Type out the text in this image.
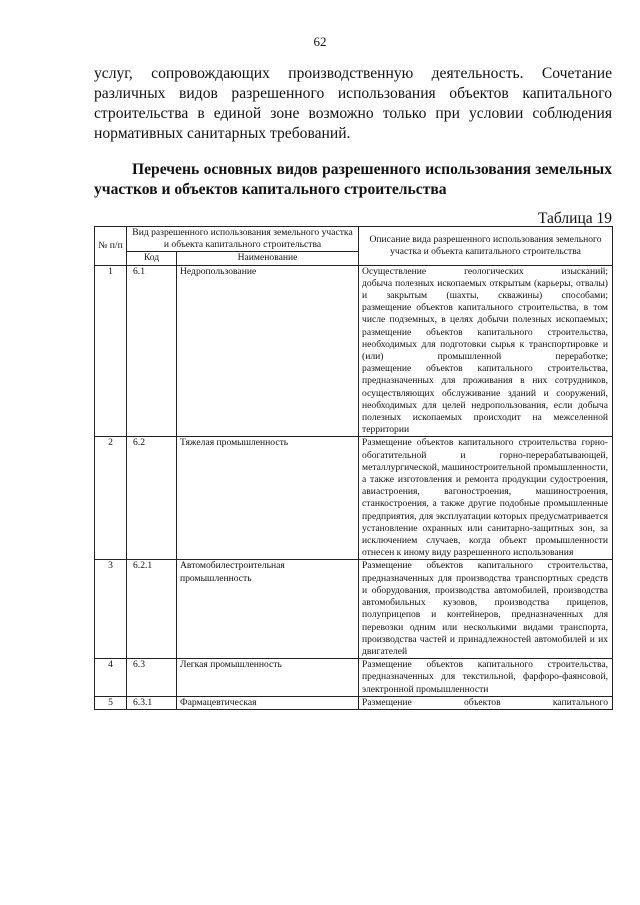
62

услуг, сопровождающих производственную деятельность. Сочетание различных видов разрешенного использования объектов капитального строительства в единой зоне возможно только при условии соблюдения нормативных санитарных требований.

Перечень основных видов разрешенного использования земельных
участков и объектов капитального строительства
Таблица 19
№ п/п	Вид разрешенного использования земельного участка и объекта капитального строительства		Описание вида разрешенного использования земельного участка и объекта капитального строительства
	Код	Наименование	
1	6.1	Недропользование	Осуществление геологических изысканий;
добыча полезных ископаемых открытым (карьеры, отвалы) и закрытым (шахты, скважины) способами;
размещение объектов капитального строительства, в том числе подземных, в целях добычи полезных ископаемых;
размещение объектов капитального строительства, необходимых для подготовки сырья к транспортировке и (или) промышленной переработке;
размещение объектов капитального строительства, предназначенных для проживания в них сотрудников, осуществляющих обслуживание зданий и сооружений, необходимых для целей недропользования, если добыча полезных ископаемых происходит на межселенной территории

2	6.2	Тяжелая промышленность	Размещение объектов капитального строительства горно-обогатительной и горно-перерабатывающей, металлургической, машиностроительной промышленности, а также изготовления и ремонта продукции судостроения, авиастроения, вагоностроения, машиностроения, станкостроения, а также другие подобные промышленные предприятия, для эксплуатации которых предусматривается установление охранных или санитарно-защитных зон, за исключением случаев, когда объект промышленности отнесен к иному виду разрешенного использования

3	6.2.1	Автомобилестроительная промышленность	Размещение объектов капитального строительства, предназначенных для производства транспортных средств и оборудования, производства автомобилей, производства автомобильных кузовов, производства прицепов, полуприцепов и контейнеров, предназначенных для перевозки одним или несколькими видами транспорта, производства частей и принадлежностей автомобилей и их двигателей

4	6.3	Легкая промышленность	Размещение объектов капитального строительства, предназначенных для текстильной, фарфоро-фаянсовой, электронной промышленности

5	6.3.1	Фармацевтическая	Размещение объектов капитального
